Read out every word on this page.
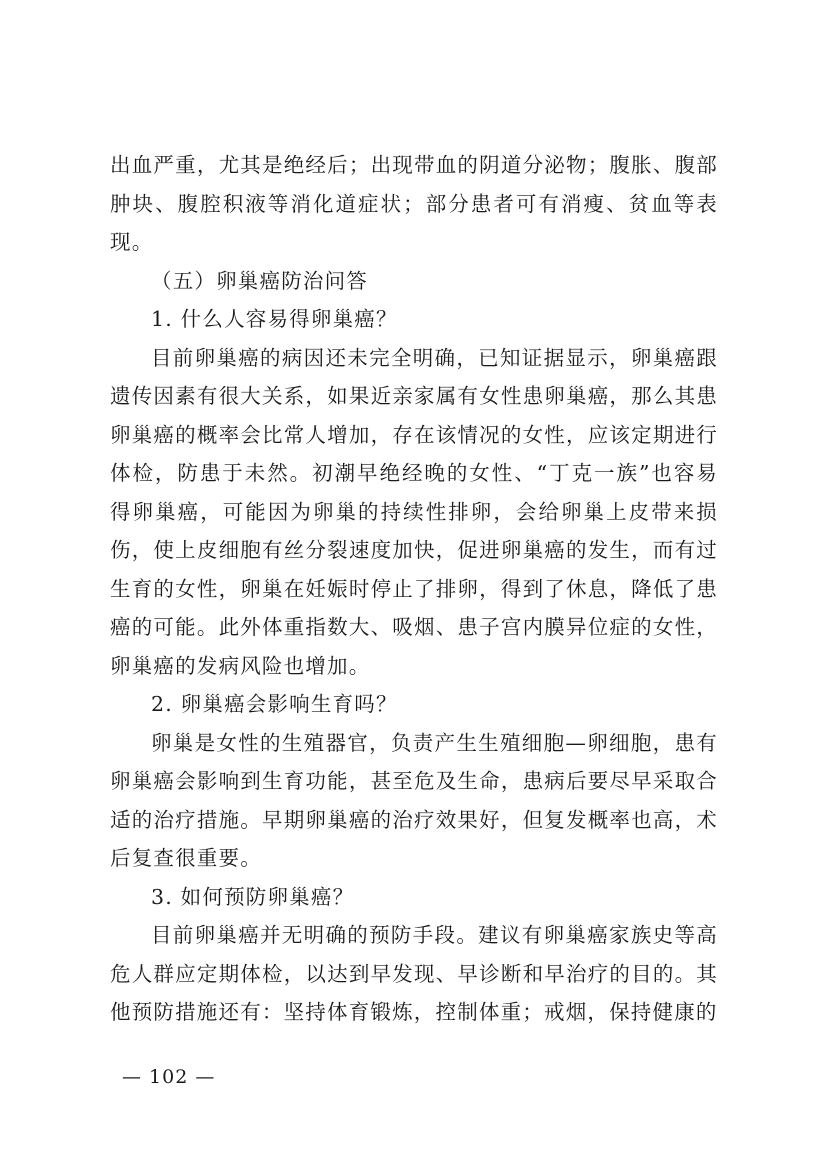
出血严重，尤其是绝经后；出现带血的阴道分泌物；腹胀、腹部肿块、腹腔积液等消化道症状；部分患者可有消瘦、贫血等表现。

（五）卵巢癌防治问答

1. 什么人容易得卵巢癌？

目前卵巢癌的病因还未完全明确，已知证据显示，卵巢癌跟遗传因素有很大关系，如果近亲家属有女性患卵巢癌，那么其患卵巢癌的概率会比常人增加，存在该情况的女性，应该定期进行体检，防患于未然。初潮早绝经晚的女性、“丁克一族”也容易得卵巢癌，可能因为卵巢的持续性排卵，会给卵巢上皮带来损伤，使上皮细胞有丝分裂速度加快，促进卵巢癌的发生，而有过生育的女性，卵巢在妊娠时停止了排卵，得到了休息，降低了患癌的可能。此外体重指数大、吸烟、患子宫内膜异位症的女性，卵巢癌的发病风险也增加。

2. 卵巢癌会影响生育吗？

卵巢是女性的生殖器官，负责产生生殖细胞—卵细胞，患有卵巢癌会影响到生育功能，甚至危及生命，患病后要尽早采取合适的治疗措施。早期卵巢癌的治疗效果好，但复发概率也高，术后复查很重要。

3. 如何预防卵巢癌？

目前卵巢癌并无明确的预防手段。建议有卵巢癌家族史等高危人群应定期体检，以达到早发现、早诊断和早治疗的目的。其他预防措施还有：坚持体育锻炼，控制体重；戒烟，保持健康的

— 102 —
